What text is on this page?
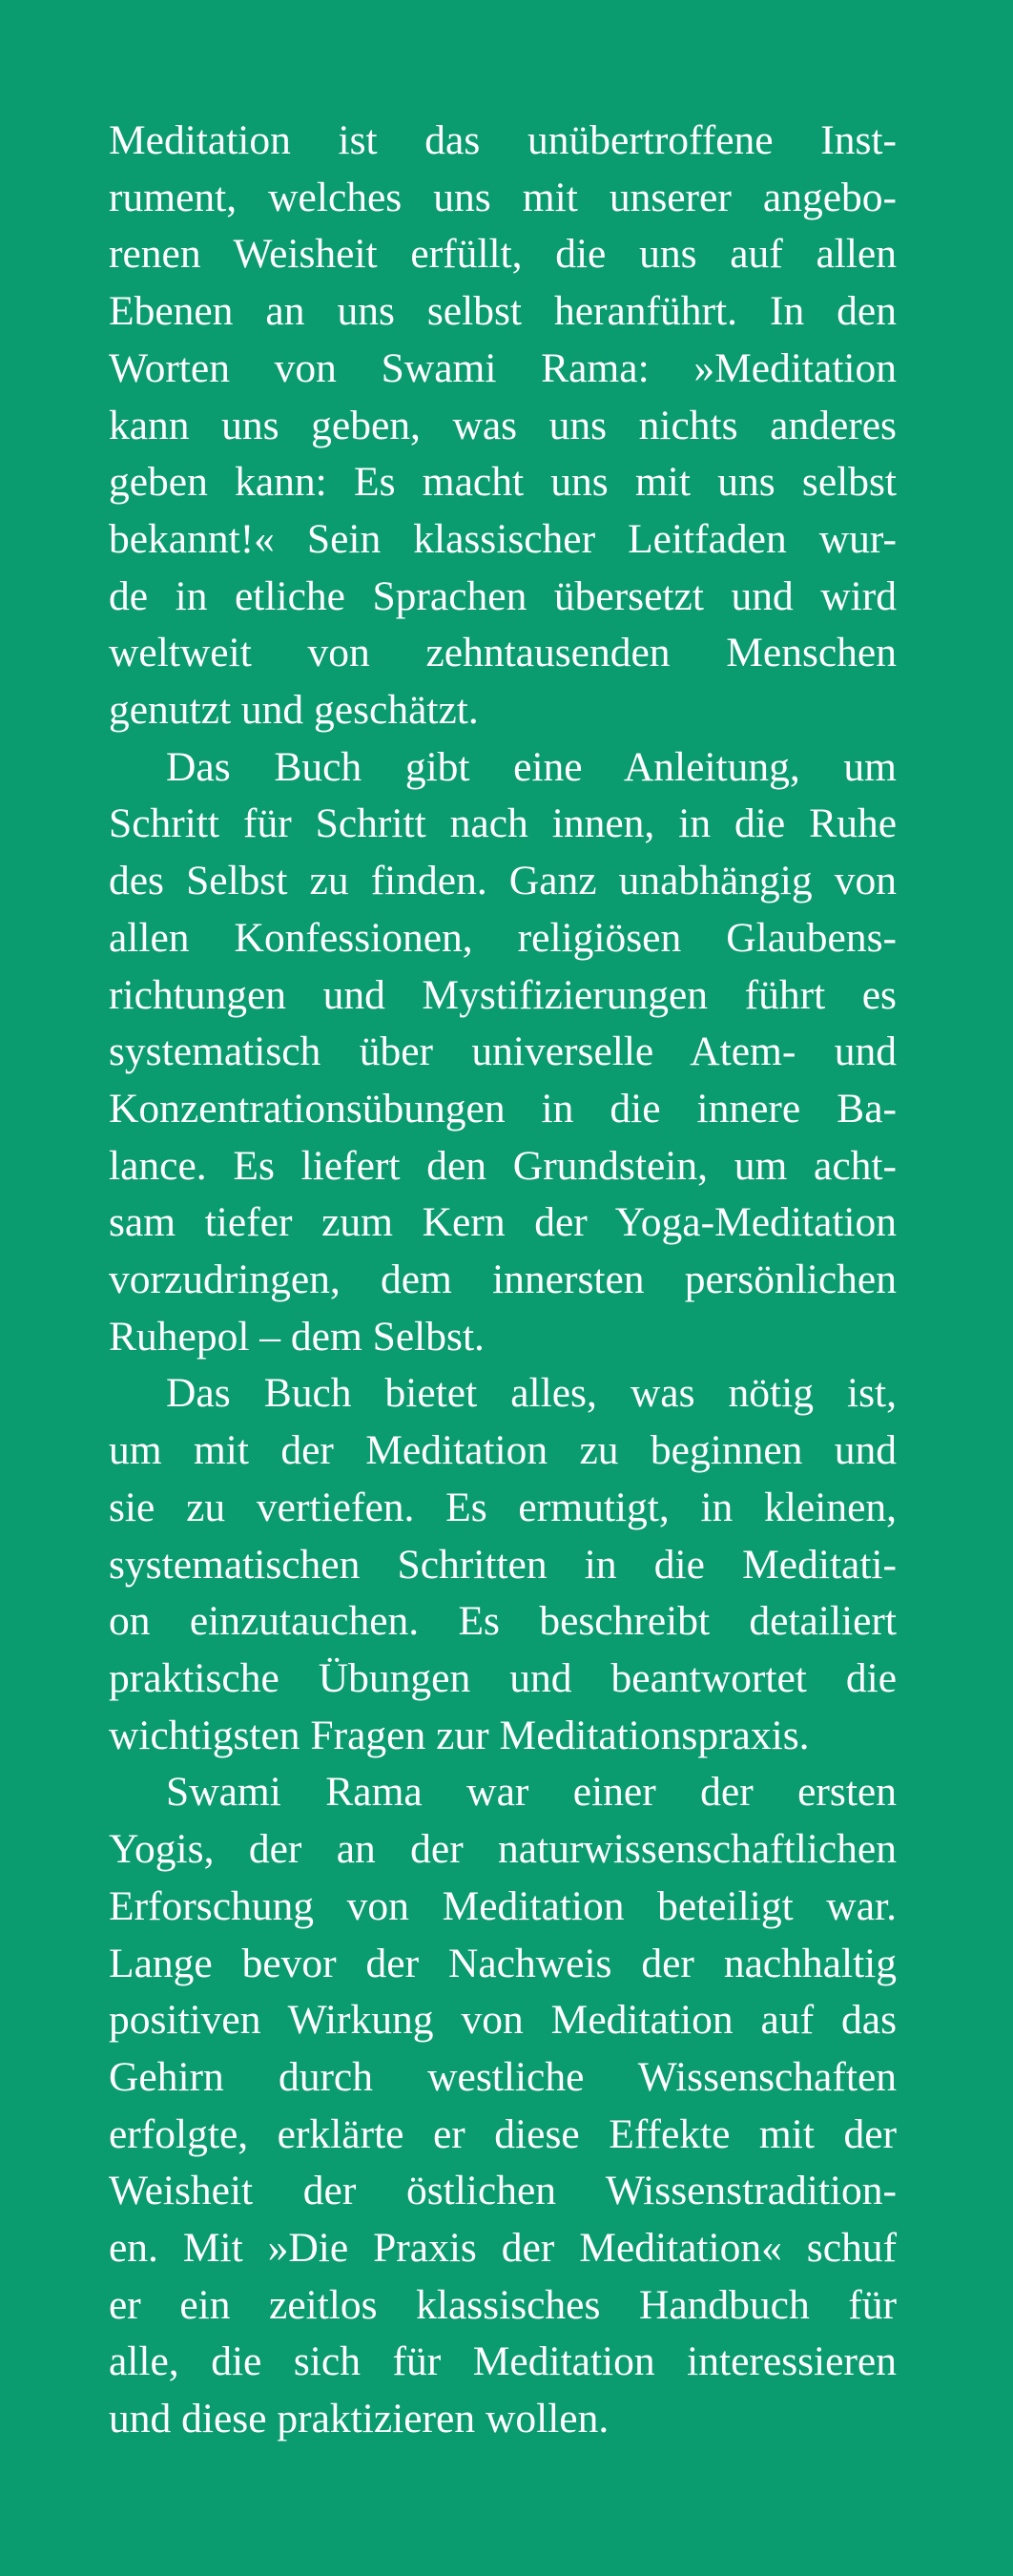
Meditation ist das unübertroffene Inst-
rument, welches uns mit unserer angebo-
renen Weisheit erfüllt, die uns auf allen
Ebenen an uns selbst heranführt. In den
Worten von Swami Rama: »Meditation
kann uns geben, was uns nichts anderes
geben kann: Es macht uns mit uns selbst
bekannt!« Sein klassischer Leitfaden wur-
de in etliche Sprachen übersetzt und wird
weltweit von zehntausenden Menschen
genutzt und geschätzt.

Das Buch gibt eine Anleitung, um
Schritt für Schritt nach innen, in die Ruhe
des Selbst zu finden. Ganz unabhängig von
allen Konfessionen, religiösen Glaubens-
richtungen und Mystifizierungen führt es
systematisch über universelle Atem- und
Konzentrationsübungen in die innere Ba-
lance. Es liefert den Grundstein, um acht-
sam tiefer zum Kern der Yoga-Meditation
vorzudringen, dem innersten persönlichen
Ruhepol – dem Selbst.

Das Buch bietet alles, was nötig ist,
um mit der Meditation zu beginnen und
sie zu vertiefen. Es ermutigt, in kleinen,
systematischen Schritten in die Meditati-
on einzutauchen. Es beschreibt detailiert
praktische Übungen und beantwortet die
wichtigsten Fragen zur Meditationspraxis.

Swami Rama war einer der ersten
Yogis, der an der naturwissenschaftlichen
Erforschung von Meditation beteiligt war.
Lange bevor der Nachweis der nachhaltig
positiven Wirkung von Meditation auf das
Gehirn durch westliche Wissenschaften
erfolgte, erklärte er diese Effekte mit der
Weisheit der östlichen Wissenstradition-
en. Mit »Die Praxis der Meditation« schuf
er ein zeitlos klassisches Handbuch für
alle, die sich für Meditation interessieren
und diese praktizieren wollen.
